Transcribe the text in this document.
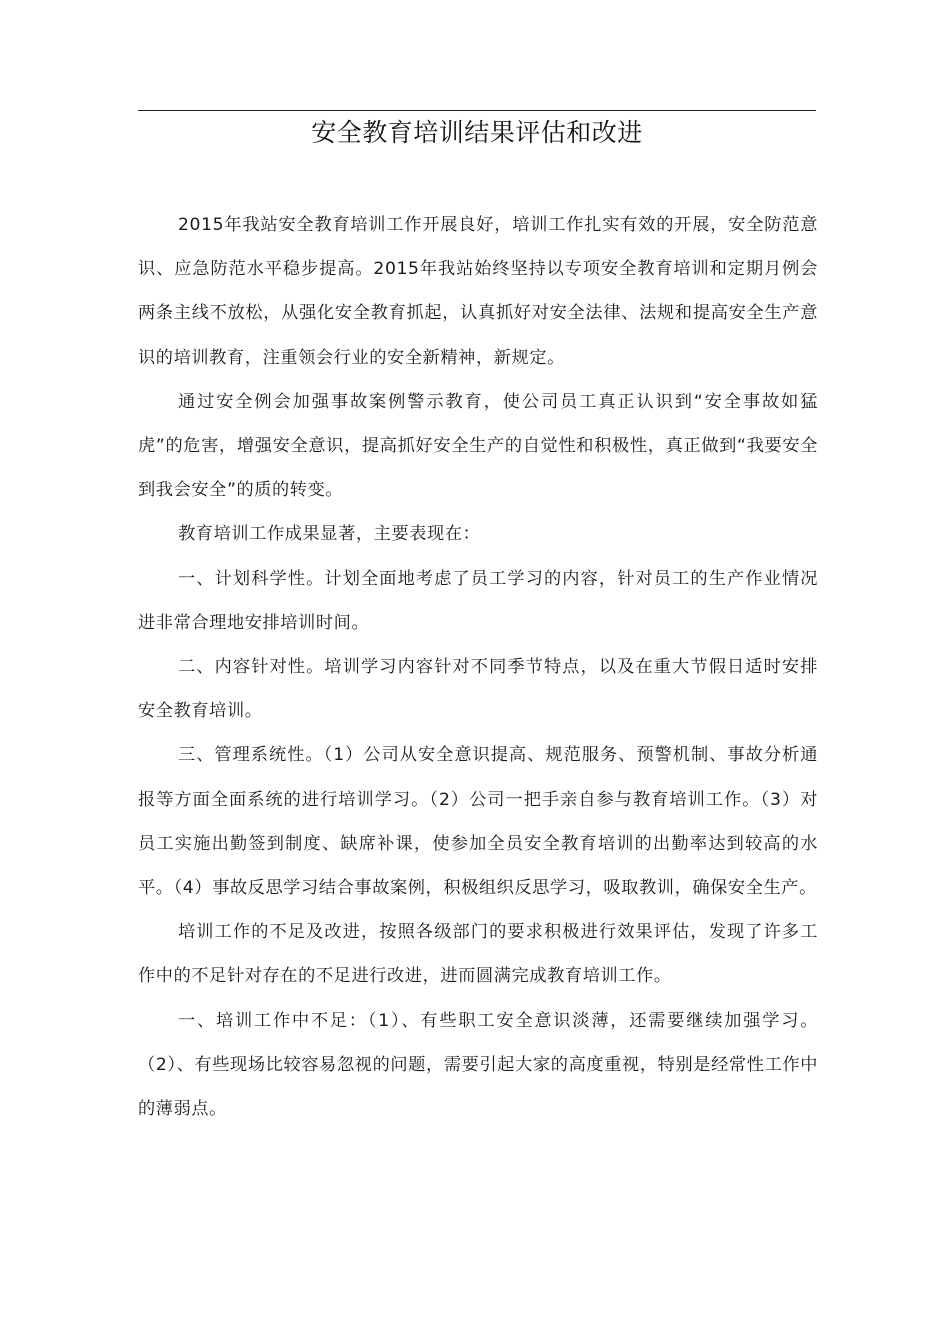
安全教育培训结果评估和改进

2015年我站安全教育培训工作开展良好，培训工作扎实有效的开展，安全防范意识、应急防范水平稳步提高。2015年我站始终坚持以专项安全教育培训和定期月例会两条主线不放松，从强化安全教育抓起，认真抓好对安全法律、法规和提高安全生产意识的培训教育，注重领会行业的安全新精神，新规定。

通过安全例会加强事故案例警示教育，使公司员工真正认识到“安全事故如猛虎”的危害，增强安全意识，提高抓好安全生产的自觉性和积极性，真正做到“我要安全到我会安全”的质的转变。

教育培训工作成果显著，主要表现在：

一、计划科学性。计划全面地考虑了员工学习的内容，针对员工的生产作业情况进非常合理地安排培训时间。

二、内容针对性。培训学习内容针对不同季节特点，以及在重大节假日适时安排安全教育培训。

三、管理系统性。（1）公司从安全意识提高、规范服务、预警机制、事故分析通报等方面全面系统的进行培训学习。（2）公司一把手亲自参与教育培训工作。（3）对员工实施出勤签到制度、缺席补课，使参加全员安全教育培训的出勤率达到较高的水平。（4）事故反思学习结合事故案例，积极组织反思学习，吸取教训，确保安全生产。

培训工作的不足及改进，按照各级部门的要求积极进行效果评估，发现了许多工作中的不足针对存在的不足进行改进，进而圆满完成教育培训工作。

一、培训工作中不足：（1）、有些职工安全意识淡薄，还需要继续加强学习。（2）、有些现场比较容易忽视的问题，需要引起大家的高度重视，特别是经常性工作中的薄弱点。
